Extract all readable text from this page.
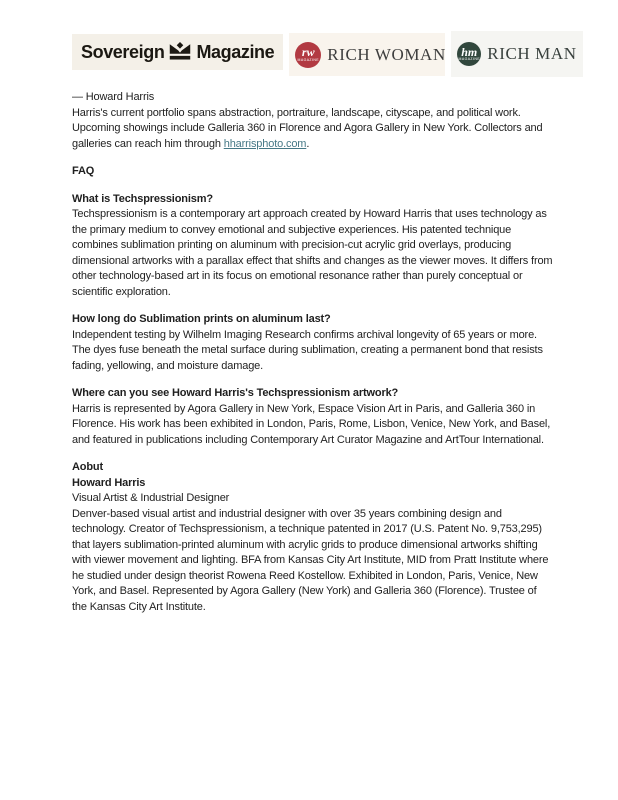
Sovereign Magazine rw
MAGAZINE RICH WOMAN hm
MAGAZINE RICH MAN

— Howard Harris

Harris's current portfolio spans abstraction, portraiture, landscape, cityscape, and political work. Upcoming showings include Galleria 360 in Florence and Agora Gallery in New York. Collectors and galleries can reach him through hharrisphoto.com.

FAQ

What is Techspressionism?

Techspressionism is a contemporary art approach created by Howard Harris that uses technology as the primary medium to convey emotional and subjective experiences. His patented technique combines sublimation printing on aluminum with precision-cut acrylic grid overlays, producing dimensional artworks with a parallax effect that shifts and changes as the viewer moves. It differs from other technology-based art in its focus on emotional resonance rather than purely conceptual or scientific exploration.

How long do Sublimation prints on aluminum last?

Independent testing by Wilhelm Imaging Research confirms archival longevity of 65 years or more. The dyes fuse beneath the metal surface during sublimation, creating a permanent bond that resists fading, yellowing, and moisture damage.

Where can you see Howard Harris's Techspressionism artwork?

Harris is represented by Agora Gallery in New York, Espace Vision Art in Paris, and Galleria 360 in Florence. His work has been exhibited in London, Paris, Rome, Lisbon, Venice, New York, and Basel, and featured in publications including Contemporary Art Curator Magazine and ArtTour International.

Aobut

Howard Harris

Visual Artist & Industrial Designer

Denver-based visual artist and industrial designer with over 35 years combining design and technology. Creator of Techspressionism, a technique patented in 2017 (U.S. Patent No. 9,753,295) that layers sublimation-printed aluminum with acrylic grids to produce dimensional artworks shifting with viewer movement and lighting. BFA from Kansas City Art Institute, MID from Pratt Institute where he studied under design theorist Rowena Reed Kostellow. Exhibited in London, Paris, Venice, New York, and Basel. Represented by Agora Gallery (New York) and Galleria 360 (Florence). Trustee of the Kansas City Art Institute.
